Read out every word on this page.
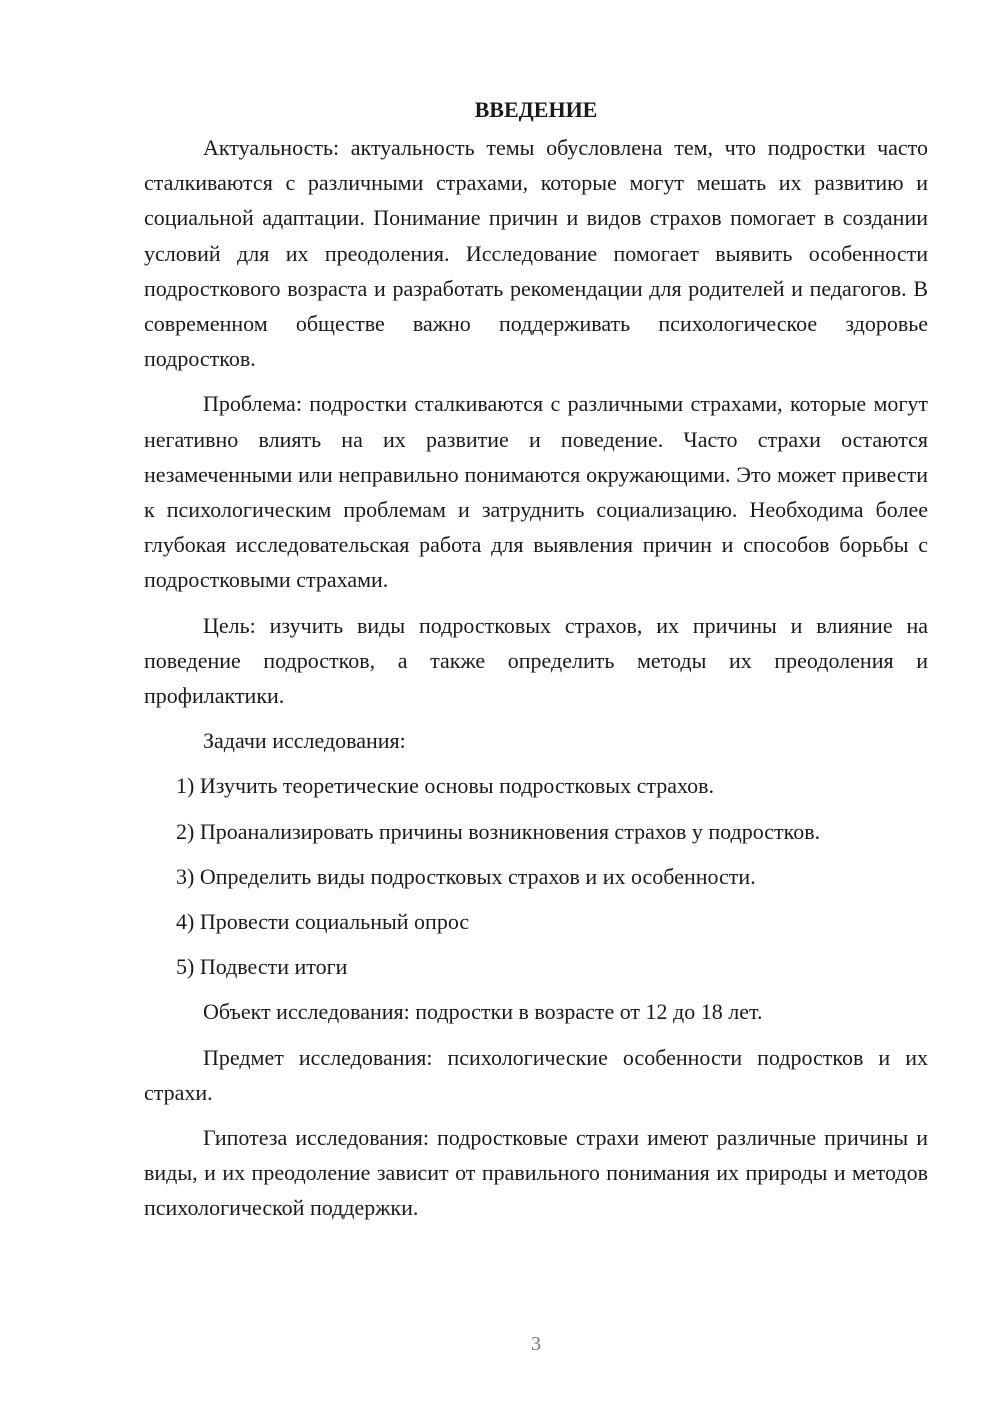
ВВЕДЕНИЕ

Актуальность: актуальность темы обусловлена тем, что подростки часто сталкиваются с различными страхами, которые могут мешать их развитию и социальной адаптации. Понимание причин и видов страхов помогает в создании условий для их преодоления. Исследование помогает выявить особенности подросткового возраста и разработать рекомендации для родителей и педагогов. В современном обществе важно поддерживать психологическое здоровье подростков.

Проблема: подростки сталкиваются с различными страхами, которые могут негативно влиять на их развитие и поведение. Часто страхи остаются незамеченными или неправильно понимаются окружающими. Это может привести к психологическим проблемам и затруднить социализацию. Необходима более глубокая исследовательская работа для выявления причин и способов борьбы с подростковыми страхами.

Цель: изучить виды подростковых страхов, их причины и влияние на поведение подростков, а также определить методы их преодоления и профилактики.

Задачи исследования:

1) Изучить теоретические основы подростковых страхов.
2) Проанализировать причины возникновения страхов у подростков.
3) Определить виды подростковых страхов и их особенности.
4) Провести социальный опрос
5) Подвести итоги

Объект исследования: подростки в возрасте от 12 до 18 лет.

Предмет исследования: психологические особенности подростков и их страхи.

Гипотеза исследования: подростковые страхи имеют различные причины и виды, и их преодоление зависит от правильного понимания их природы и методов психологической поддержки.

3
